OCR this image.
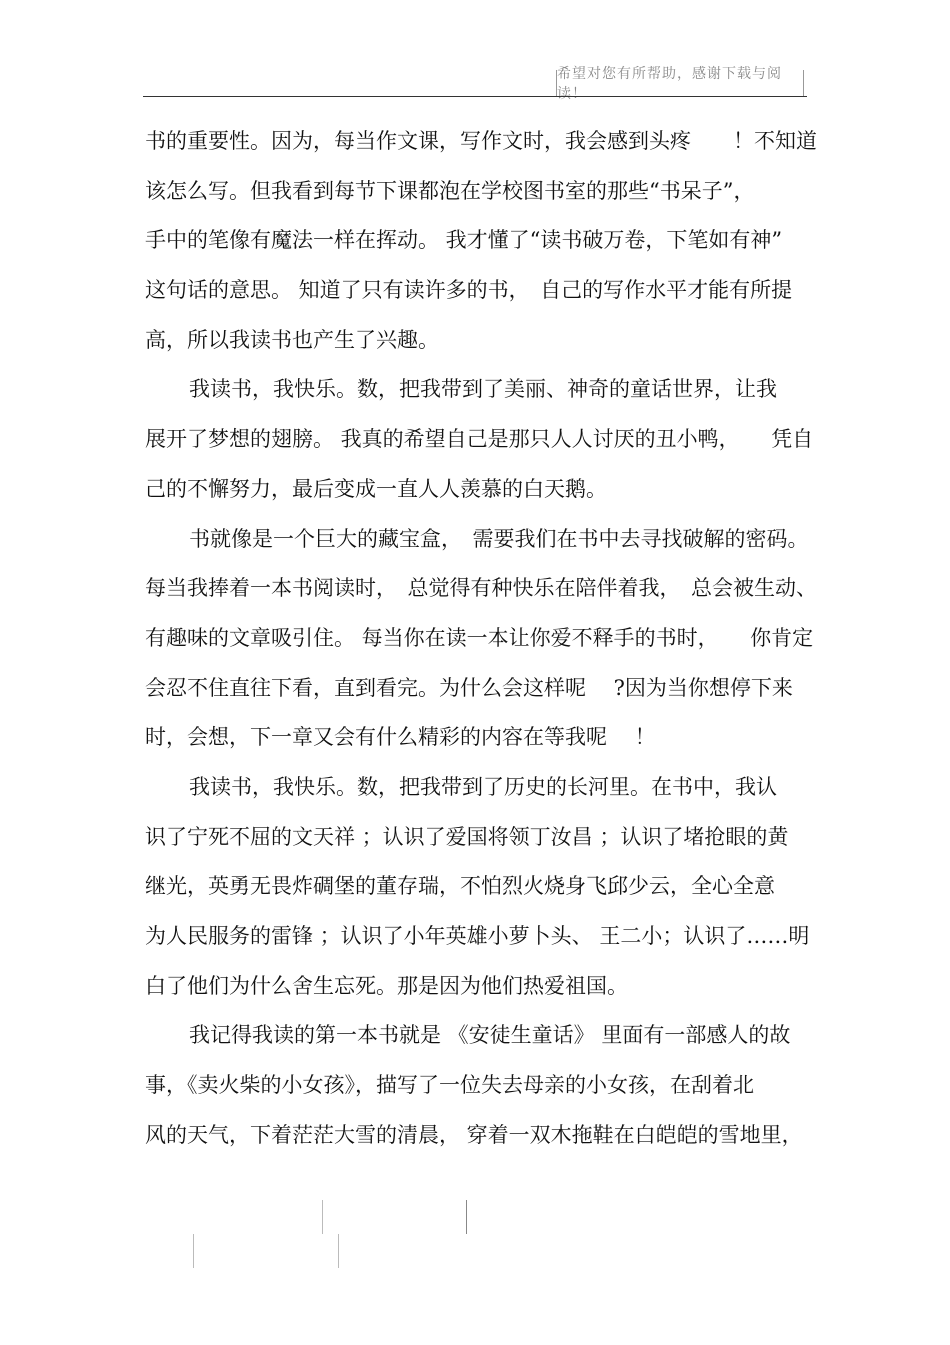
希望对您有所帮助，感谢下载与阅读！
书的重要性。因为，每当作文课，写作文时，我会感到头疼　　！不知道
该怎么写。但我看到每节下课都泡在学校图书室的那些“书呆子”，
手中的笔像有魔法一样在挥动。 我才懂了“读书破万卷，下笔如有神”
这句话的意思。 知道了只有读许多的书，　自己的写作水平才能有所提
高，所以我读书也产生了兴趣。
我读书，我快乐。数，把我带到了美丽、神奇的童话世界，让我
展开了梦想的翅膀。 我真的希望自己是那只人人讨厌的丑小鸭，　　凭自
己的不懈努力，最后变成一直人人羡慕的白天鹅。
书就像是一个巨大的藏宝盒，　需要我们在书中去寻找破解的密码。
每当我捧着一本书阅读时，　总觉得有种快乐在陪伴着我，　总会被生动、
有趣味的文章吸引住。 每当你在读一本让你爱不释手的书时，　　你肯定
会忍不住直往下看，直到看完。为什么会这样呢　 ?因为当你想停下来
时，会想，下一章又会有什么精彩的内容在等我呢　 ！
我读书，我快乐。数，把我带到了历史的长河里。在书中，我认
识了宁死不屈的文天祥 ；认识了爱国将领丁汝昌 ；认识了堵抢眼的黄
继光，英勇无畏炸碉堡的董存瑞，不怕烈火烧身飞邱少云，全心全意
为人民服务的雷锋 ；认识了小年英雄小萝卜头、 王二小；认识了……明
白了他们为什么舍生忘死。那是因为他们热爱祖国。
我记得我读的第一本书就是 《安徒生童话》 里面有一部感人的故
事，《卖火柴的小女孩》，描写了一位失去母亲的小女孩，在刮着北
风的天气，下着茫茫大雪的清晨， 穿着一双木拖鞋在白皑皑的雪地里，
